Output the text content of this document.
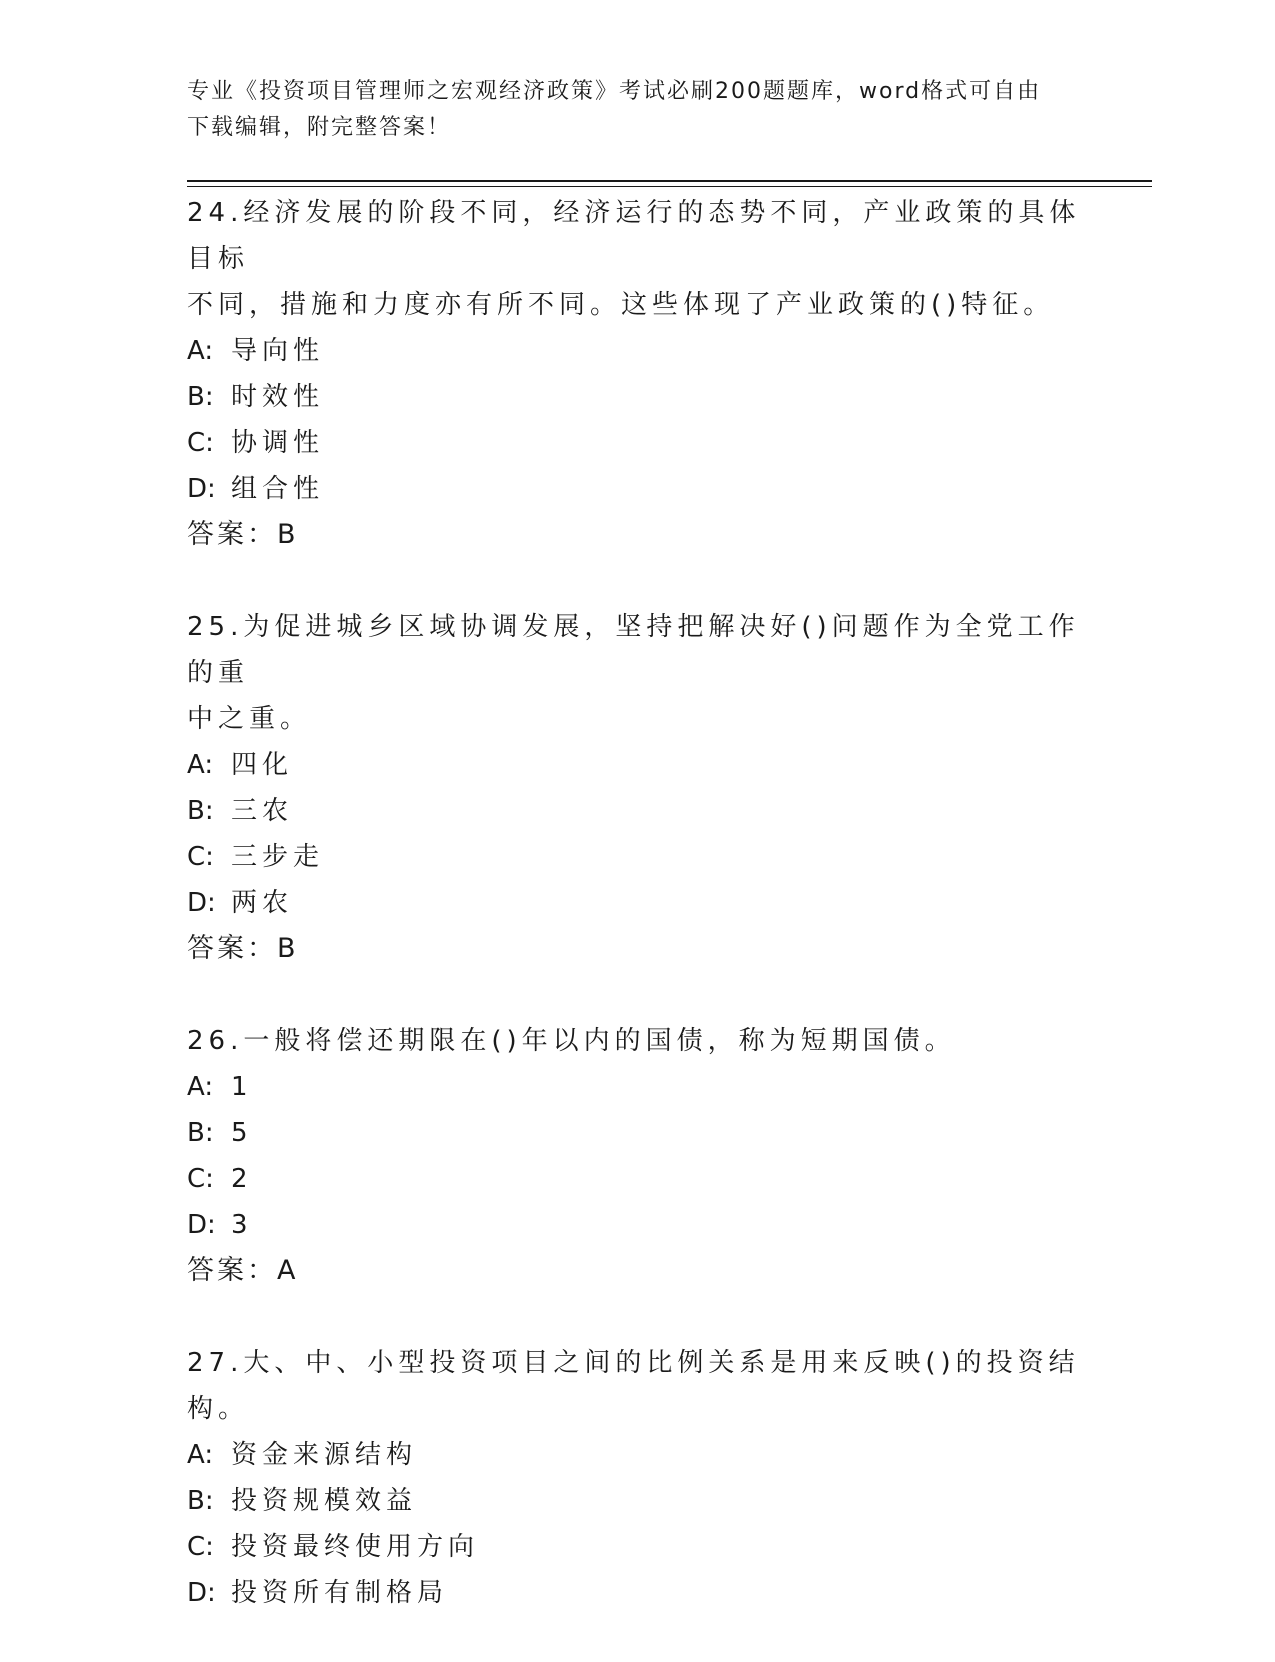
专业《投资项目管理师之宏观经济政策》考试必刷200题题库，word格式可自由
下载编辑，附完整答案！
24.经济发展的阶段不同，经济运行的态势不同，产业政策的具体目标
不同，措施和力度亦有所不同。这些体现了产业政策的()特征。
A: 导向性
B: 时效性
C: 协调性
D: 组合性
答案：B
25.为促进城乡区域协调发展，坚持把解决好()问题作为全党工作的重
中之重。
A: 四化
B: 三农
C: 三步走
D: 两农
答案：B
26.一般将偿还期限在()年以内的国债，称为短期国债。
A: 1
B: 5
C: 2
D: 3
答案：A
27.大、中、小型投资项目之间的比例关系是用来反映()的投资结构。
A: 资金来源结构
B: 投资规模效益
C: 投资最终使用方向
D: 投资所有制格局
